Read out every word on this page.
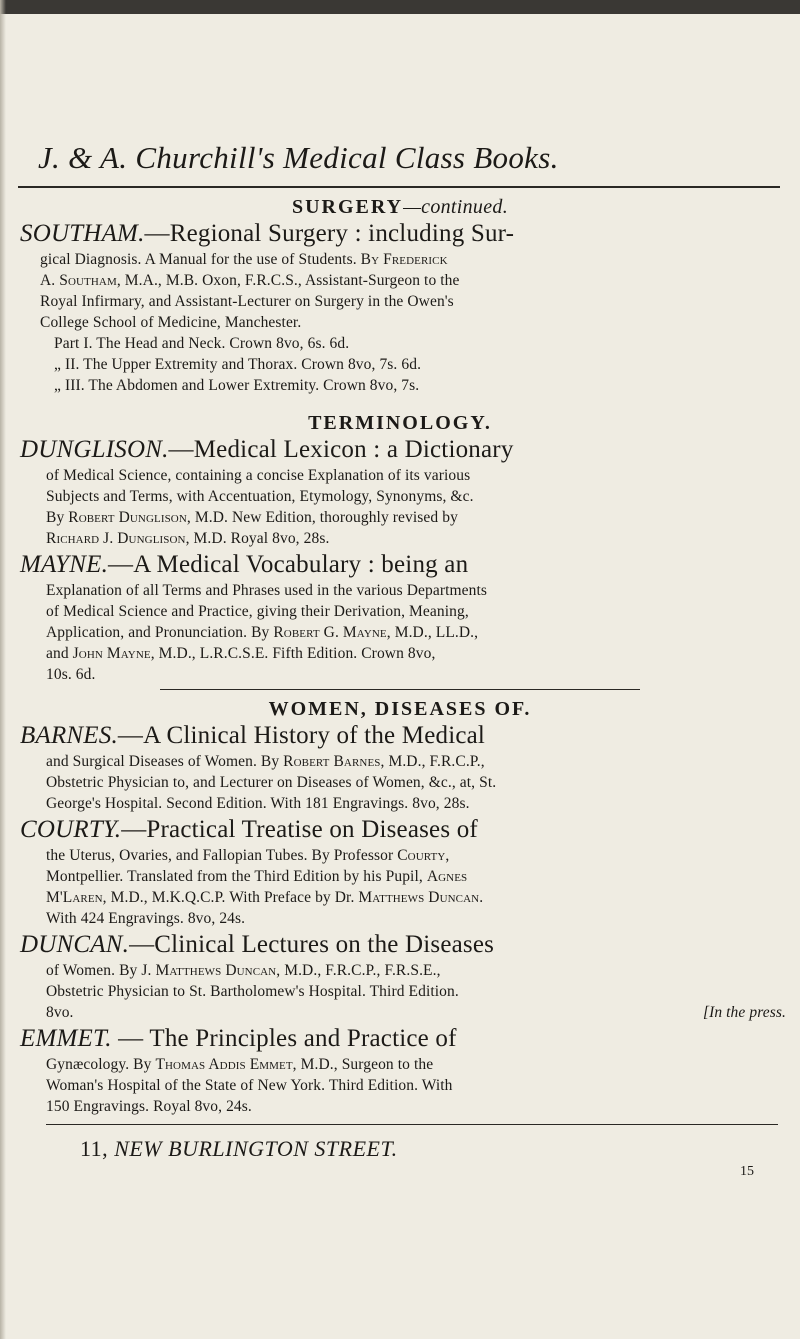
J. & A. Churchill's Medical Class Books.
SURGERY—continued.
SOUTHAM.—Regional Surgery : including Sur-
gical Diagnosis. A Manual for the use of Students. By Frederick
A. Southam, M.A., M.B. Oxon, F.R.C.S., Assistant-Surgeon to the
Royal Infirmary, and Assistant-Lecturer on Surgery in the Owen's
College School of Medicine, Manchester.
Part I. The Head and Neck. Crown 8vo, 6s. 6d.
„ II. The Upper Extremity and Thorax. Crown 8vo, 7s. 6d.
„ III. The Abdomen and Lower Extremity. Crown 8vo, 7s.
TERMINOLOGY.
DUNGLISON.—Medical Lexicon : a Dictionary
of Medical Science, containing a concise Explanation of its various
Subjects and Terms, with Accentuation, Etymology, Synonyms, &c.
By Robert Dunglison, M.D. New Edition, thoroughly revised by
Richard J. Dunglison, M.D. Royal 8vo, 28s.
MAYNE.—A Medical Vocabulary : being an
Explanation of all Terms and Phrases used in the various Departments
of Medical Science and Practice, giving their Derivation, Meaning,
Application, and Pronunciation. By Robert G. Mayne, M.D., LL.D.,
and John Mayne, M.D., L.R.C.S.E. Fifth Edition. Crown 8vo,
10s. 6d.
WOMEN, DISEASES OF.
BARNES.—A Clinical History of the Medical
and Surgical Diseases of Women. By Robert Barnes, M.D., F.R.C.P.,
Obstetric Physician to, and Lecturer on Diseases of Women, &c., at, St.
George's Hospital. Second Edition. With 181 Engravings. 8vo, 28s.
COURTY.—Practical Treatise on Diseases of
the Uterus, Ovaries, and Fallopian Tubes. By Professor Courty,
Montpellier. Translated from the Third Edition by his Pupil, Agnes
M'Laren, M.D., M.K.Q.C.P. With Preface by Dr. Matthews Duncan.
With 424 Engravings. 8vo, 24s.
DUNCAN.—Clinical Lectures on the Diseases
of Women. By J. Matthews Duncan, M.D., F.R.C.P., F.R.S.E.,
Obstetric Physician to St. Bartholomew's Hospital. Third Edition.
8vo.	[In the press.
EMMET. — The Principles and Practice of
Gynæcology. By Thomas Addis Emmet, M.D., Surgeon to the
Woman's Hospital of the State of New York. Third Edition. With
150 Engravings. Royal 8vo, 24s.
11, NEW BURLINGTON STREET.
15
